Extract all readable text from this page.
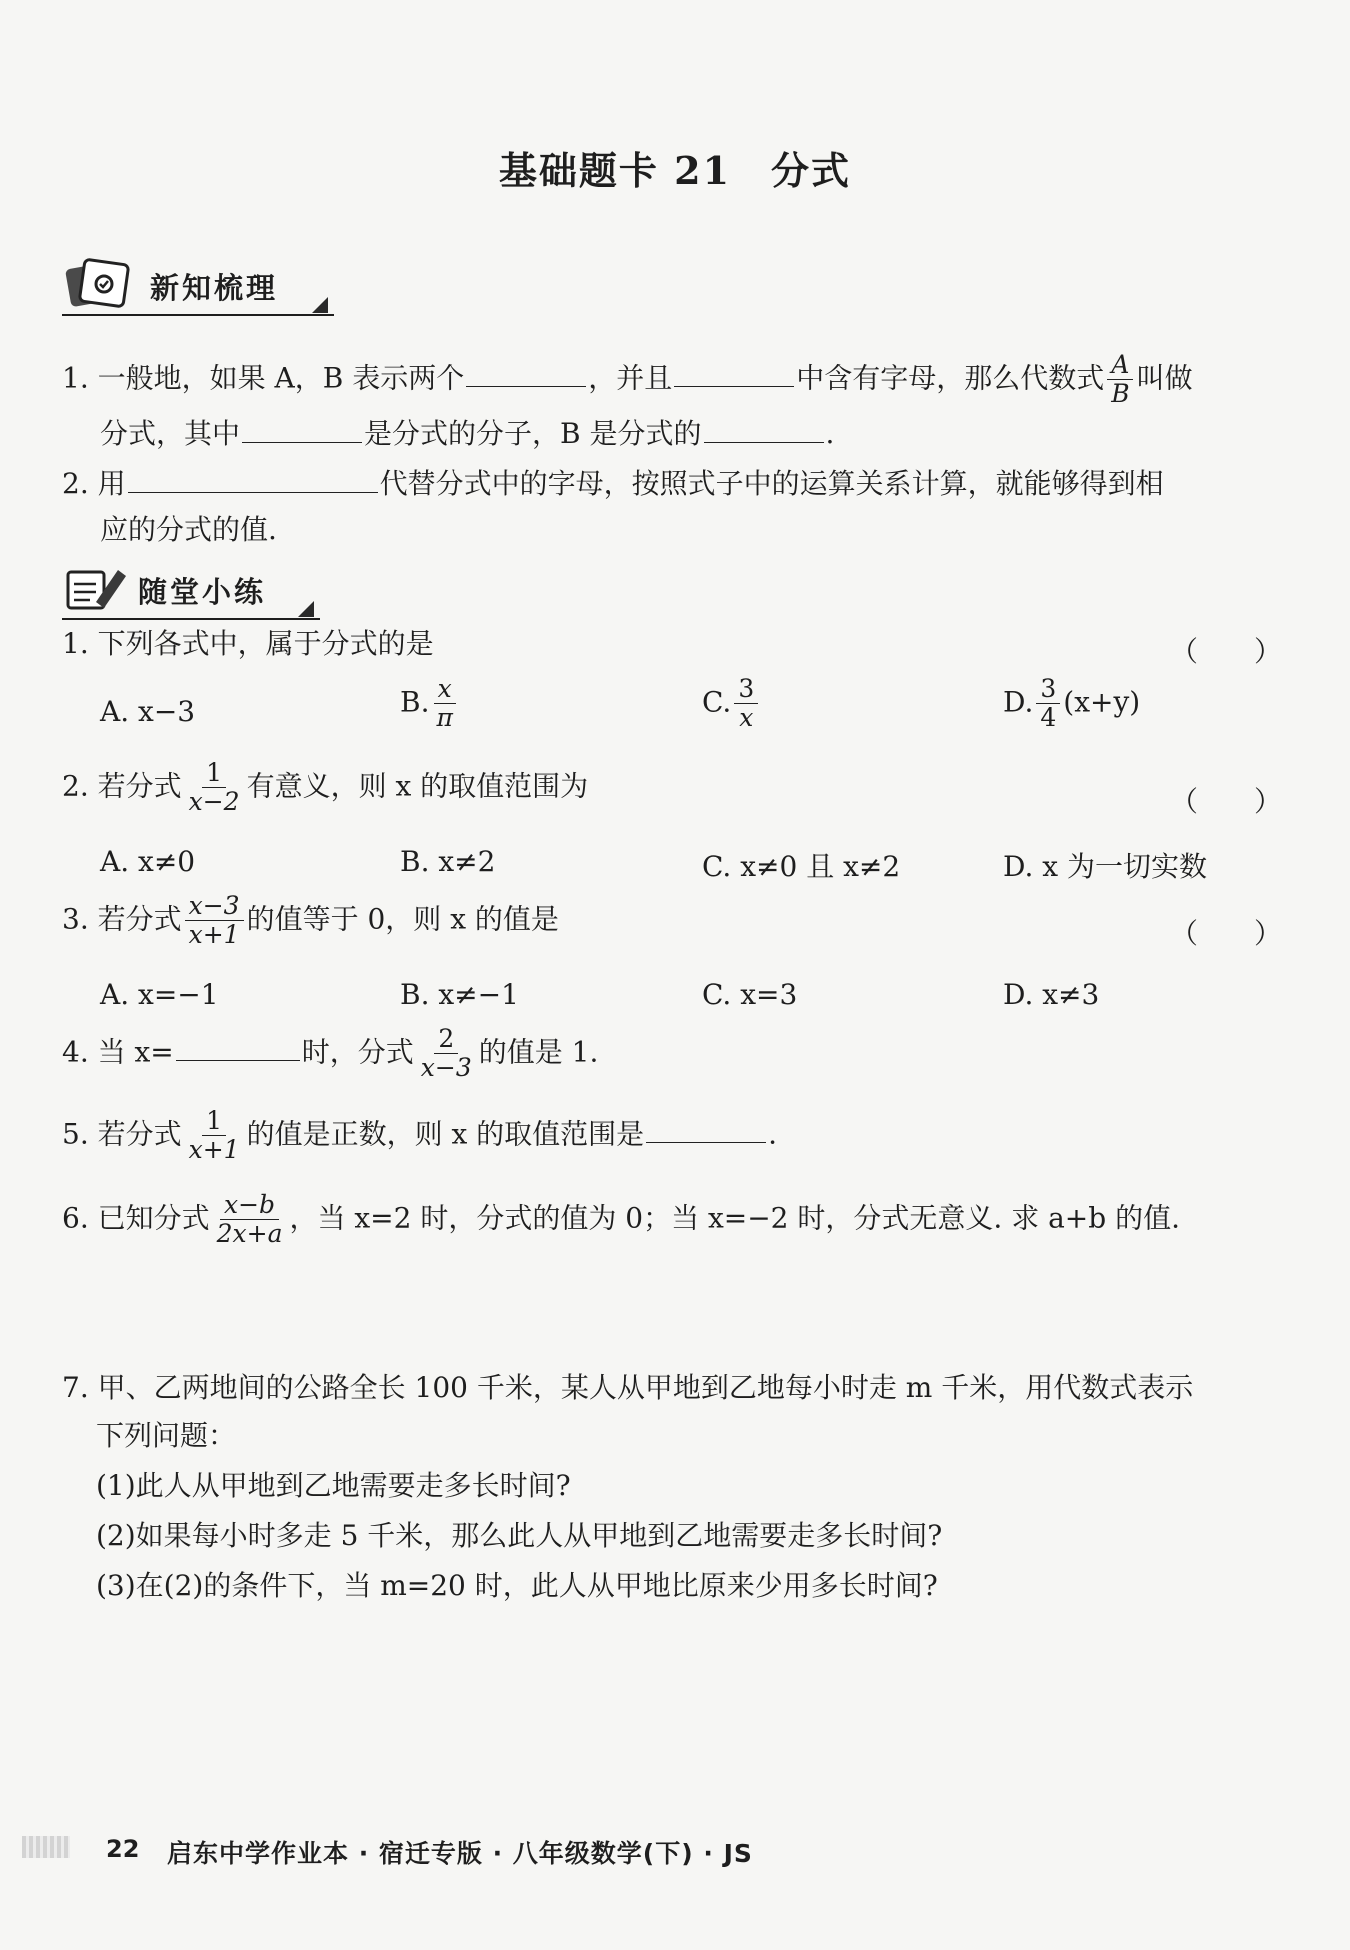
基础题卡 21 分式
新知梳理
1. 一般地，如果 A，B 表示两个	，并且	中含有字母，那么代数式 $\frac{A}{B}$ 叫做
分式，其中	是分式的分子，B 是分式的	.
2. 用	代替分式中的字母，按照式子中的运算关系计算，就能够得到相
应的分式的值.
随堂小练
1. 下列各式中，属于分式的是	（　　）
A. x−3	B. $\frac{x}{\pi}$	C. $\frac{3}{x}$	D. $\frac{3}{4} (x+y)$
2. 若分式 $\frac{1}{x-2}$ 有意义，则 x 的取值范围为	（　　）
A. x≠0	B. x≠2	C. x≠0 且 x≠2	D. x 为一切实数
3. 若分式 $\frac{x-3}{x+1}$ 的值等于 0，则 x 的值是	（　　）
A. x=−1	B. x≠−1	C. x=3	D. x≠3
4. 当 x=	时，分式 $\frac{2}{x-3}$ 的值是 1.
5. 若分式 $\frac{1}{x+1}$ 的值是正数，则 x 的取值范围是	.
6. 已知分式 $\frac{x-b}{2x+a}$ ，当 x=2 时，分式的值为 0；当 x=−2 时，分式无意义. 求 a+b 的值.
7. 甲、乙两地间的公路全长 100 千米，某人从甲地到乙地每小时走 m 千米，用代数式表示
下列问题：
(1)此人从甲地到乙地需要走多长时间?
(2)如果每小时多走 5 千米，那么此人从甲地到乙地需要走多长时间?
(3)在(2)的条件下，当 m=20 时，此人从甲地比原来少用多长时间?
22 启东中学作业本 · 宿迁专版 · 八年级数学(下) · JS
